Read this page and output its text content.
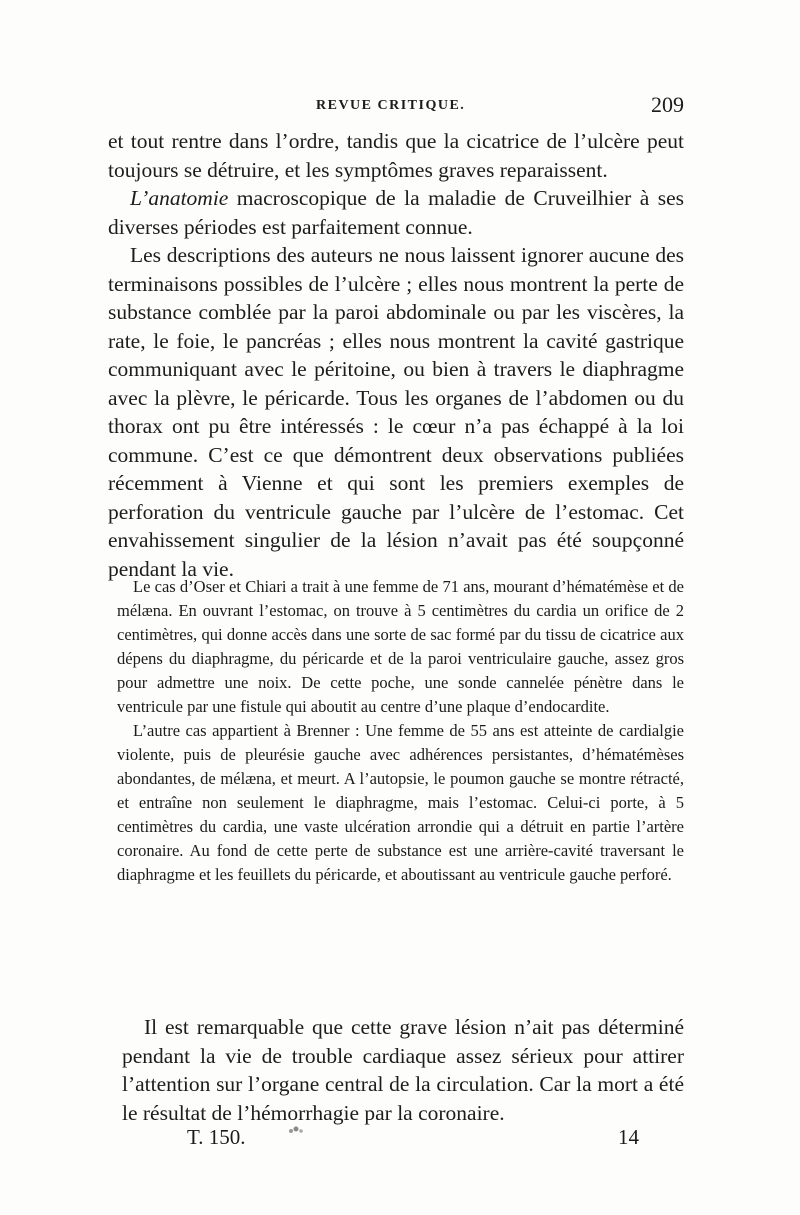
REVUE CRITIQUE.	209

et tout rentre dans l’ordre, tandis que la cicatrice de l’ulcère peut toujours se détruire, et les symptômes graves reparaissent.

L’anatomie macroscopique de la maladie de Cruveilhier à ses diverses périodes est parfaitement connue.

Les descriptions des auteurs ne nous laissent ignorer aucune des terminaisons possibles de l’ulcère ; elles nous montrent la perte de substance comblée par la paroi abdominale ou par les viscères, la rate, le foie, le pancréas ; elles nous montrent la cavité gastrique communiquant avec le péritoine, ou bien à travers le diaphragme avec la plèvre, le péricarde. Tous les organes de l’abdomen ou du thorax ont pu être intéressés : le cœur n’a pas échappé à la loi commune. C’est ce que démontrent deux observations publiées récemment à Vienne et qui sont les premiers exemples de perforation du ventricule gauche par l’ulcère de l’estomac. Cet envahissement singulier de la lésion n’avait pas été soupçonné pendant la vie.

Le cas d’Oser et Chiari a trait à une femme de 71 ans, mourant d’hématémèse et de mélæna. En ouvrant l’estomac, on trouve à 5 centimètres du cardia un orifice de 2 centimètres, qui donne accès dans une sorte de sac formé par du tissu de cicatrice aux dépens du diaphragme, du péricarde et de la paroi ventriculaire gauche, assez gros pour admettre une noix. De cette poche, une sonde cannelée pénètre dans le ventricule par une fistule qui aboutit au centre d’une plaque d’endocardite.

L’autre cas appartient à Brenner : Une femme de 55 ans est atteinte de cardialgie violente, puis de pleurésie gauche avec adhérences persistantes, d’hématémèses abondantes, de mélæna, et meurt. A l’autopsie, le poumon gauche se montre rétracté, et entraîne non seulement le diaphragme, mais l’estomac. Celui-ci porte, à 5 centimètres du cardia, une vaste ulcération arrondie qui a détruit en partie l’artère coronaire. Au fond de cette perte de substance est une arrière-cavité traversant le diaphragme et les feuillets du péricarde, et aboutissant au ventricule gauche perforé.

Il est remarquable que cette grave lésion n’ait pas déterminé pendant la vie de trouble cardiaque assez sérieux pour attirer l’attention sur l’organe central de la circulation. Car la mort a été le résultat de l’hémorrhagie par la coronaire.

T. 150.	14
